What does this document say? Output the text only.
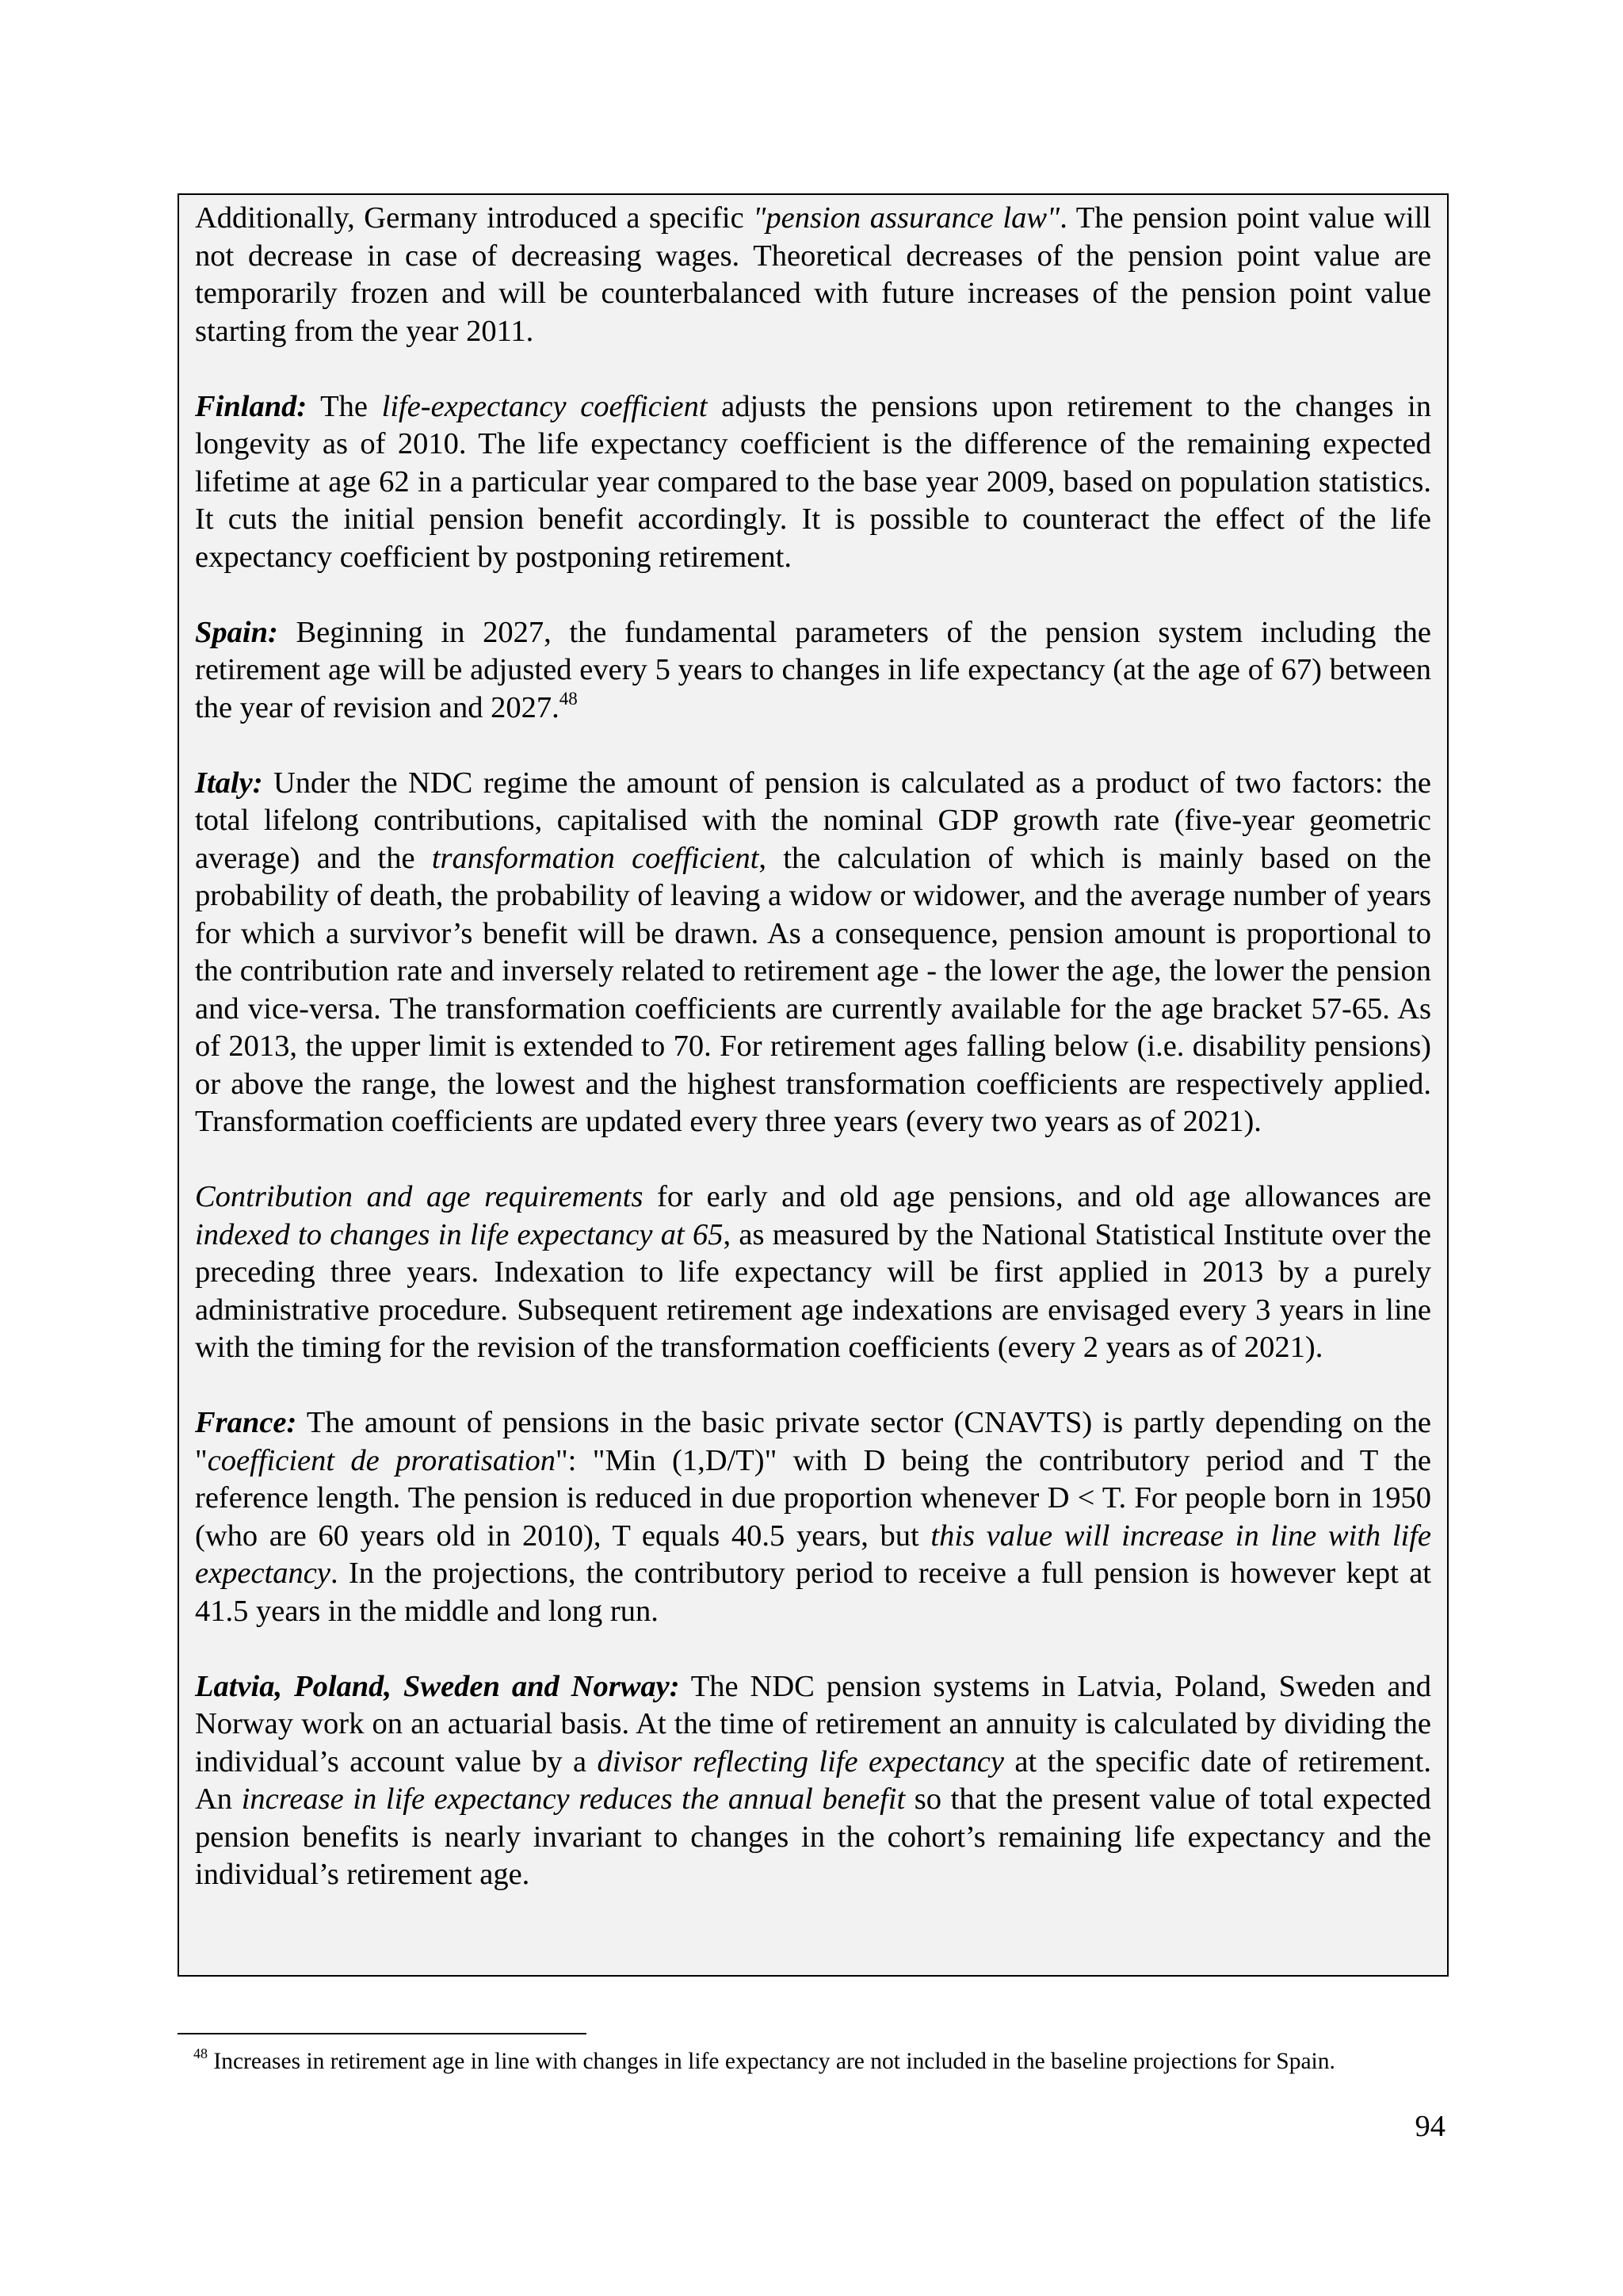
Additionally, Germany introduced a specific "pension assurance law". The pension point value will not decrease in case of decreasing wages. Theoretical decreases of the pension point value are temporarily frozen and will be counterbalanced with future increases of the pension point value starting from the year 2011.

Finland: The life-expectancy coefficient adjusts the pensions upon retirement to the changes in longevity as of 2010. The life expectancy coefficient is the difference of the remaining expected lifetime at age 62 in a particular year compared to the base year 2009, based on population statistics. It cuts the initial pension benefit accordingly. It is possible to counteract the effect of the life expectancy coefficient by postponing retirement.

Spain: Beginning in 2027, the fundamental parameters of the pension system including the retirement age will be adjusted every 5 years to changes in life expectancy (at the age of 67) between the year of revision and 2027.48

Italy: Under the NDC regime the amount of pension is calculated as a product of two factors: the total lifelong contributions, capitalised with the nominal GDP growth rate (five-year geometric average) and the transformation coefficient, the calculation of which is mainly based on the probability of death, the probability of leaving a widow or widower, and the average number of years for which a survivor’s benefit will be drawn. As a consequence, pension amount is proportional to the contribution rate and inversely related to retirement age - the lower the age, the lower the pension and vice-versa. The transformation coefficients are currently available for the age bracket 57-65. As of 2013, the upper limit is extended to 70. For retirement ages falling below (i.e. disability pensions) or above the range, the lowest and the highest transformation coefficients are respectively applied. Transformation coefficients are updated every three years (every two years as of 2021).

Contribution and age requirements for early and old age pensions, and old age allowances are indexed to changes in life expectancy at 65, as measured by the National Statistical Institute over the preceding three years. Indexation to life expectancy will be first applied in 2013 by a purely administrative procedure. Subsequent retirement age indexations are envisaged every 3 years in line with the timing for the revision of the transformation coefficients (every 2 years as of 2021).

France: The amount of pensions in the basic private sector (CNAVTS) is partly depending on the "coefficient de proratisation": "Min (1,D/T)" with D being the contributory period and T the reference length. The pension is reduced in due proportion whenever D < T. For people born in 1950 (who are 60 years old in 2010), T equals 40.5 years, but this value will increase in line with life expectancy. In the projections, the contributory period to receive a full pension is however kept at 41.5 years in the middle and long run.

Latvia, Poland, Sweden and Norway: The NDC pension systems in Latvia, Poland, Sweden and Norway work on an actuarial basis. At the time of retirement an annuity is calculated by dividing the individual’s account value by a divisor reflecting life expectancy at the specific date of retirement. An increase in life expectancy reduces the annual benefit so that the present value of total expected pension benefits is nearly invariant to changes in the cohort’s remaining life expectancy and the individual’s retirement age.

$^{48}$ Increases in retirement age in line with changes in life expectancy are not included in the baseline projections for Spain.
94
